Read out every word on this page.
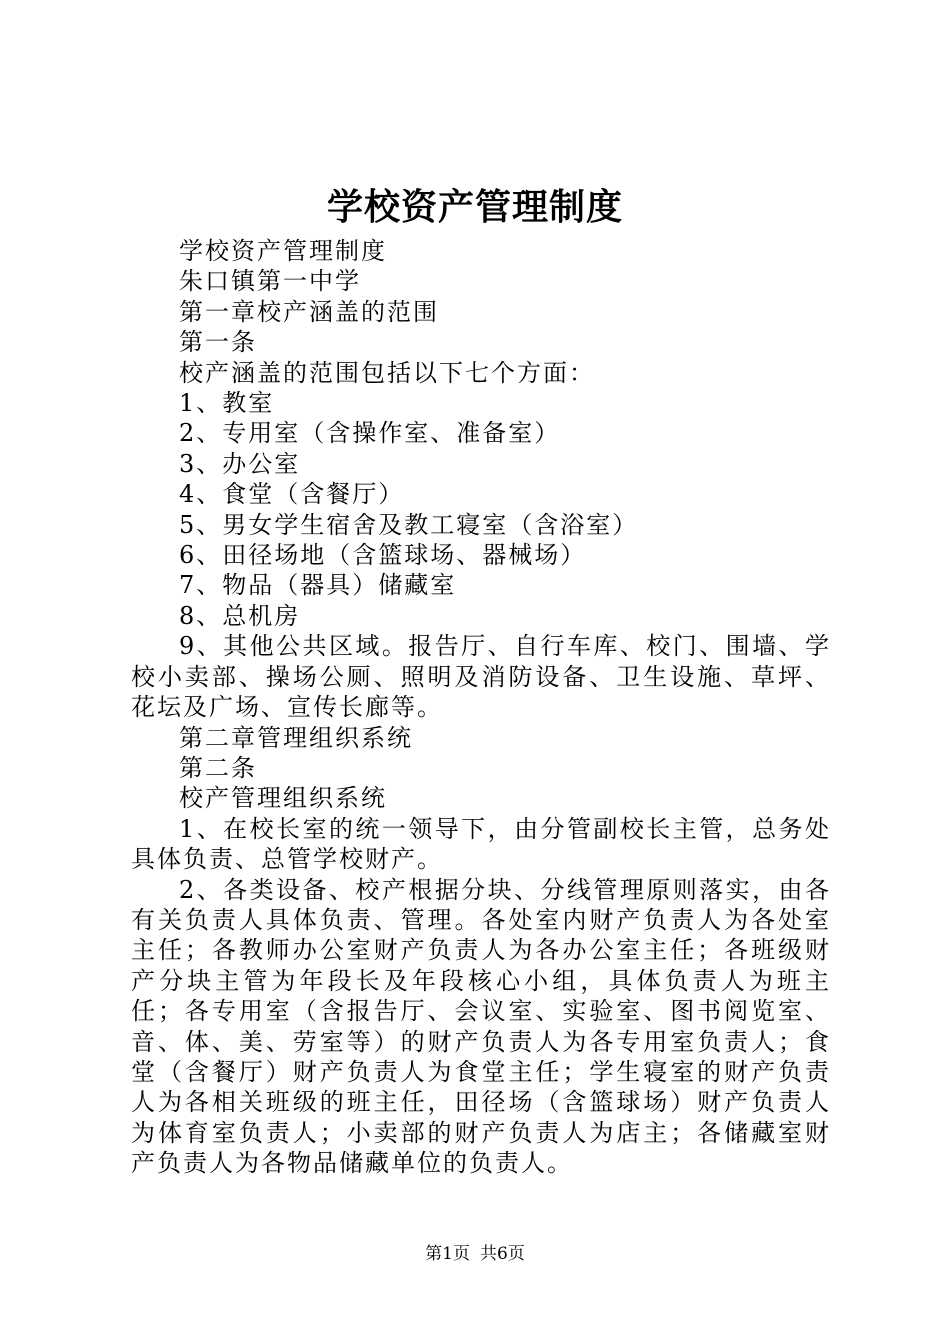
学校资产管理制度

学校资产管理制度

朱口镇第一中学

第一章校产涵盖的范围

第一条

校产涵盖的范围包括以下七个方面：

1、教室

2、专用室（含操作室、准备室）

3、办公室

4、食堂（含餐厅）

5、男女学生宿舍及教工寝室（含浴室）

6、田径场地（含篮球场、器械场）

7、物品（器具）储藏室

8、总机房

9、其他公共区域。报告厅、自行车库、校门、围墙、学校小卖部、操场公厕、照明及消防设备、卫生设施、草坪、花坛及广场、宣传长廊等。

第二章管理组织系统

第二条

校产管理组织系统

1、在校长室的统一领导下，由分管副校长主管，总务处具体负责、总管学校财产。

2、各类设备、校产根据分块、分线管理原则落实，由各有关负责人具体负责、管理。各处室内财产负责人为各处室主任；各教师办公室财产负责人为各办公室主任；各班级财产分块主管为年段长及年段核心小组，具体负责人为班主任；各专用室（含报告厅、会议室、实验室、图书阅览室、音、体、美、劳室等）的财产负责人为各专用室负责人；食堂（含餐厅）财产负责人为食堂主任；学生寝室的财产负责人为各相关班级的班主任，田径场（含篮球场）财产负责人为体育室负责人；小卖部的财产负责人为店主；各储藏室财产负责人为各物品储藏单位的负责人。

第1页 共6页
